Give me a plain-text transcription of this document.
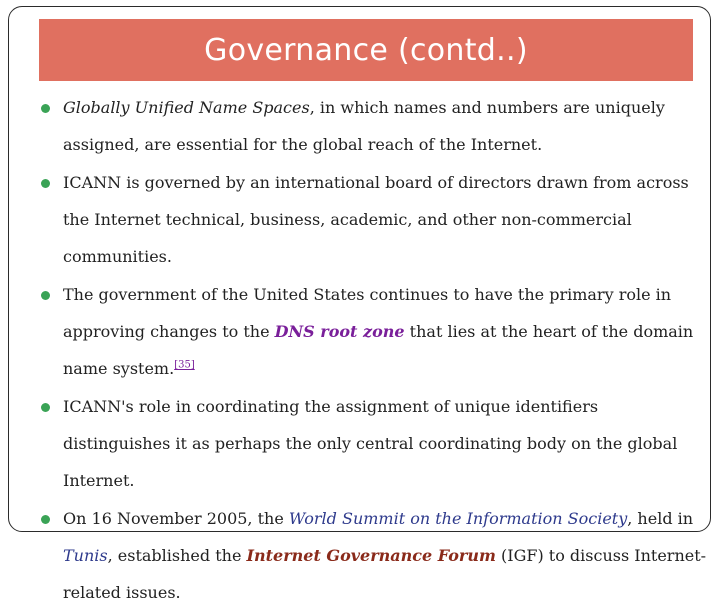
Governance (contd..)
Globally Unified Name Spaces, in which names and numbers are uniquely assigned, are essential for the global reach of the Internet.
ICANN is governed by an international board of directors drawn from across the Internet technical, business, academic, and other non-commercial communities.
The government of the United States continues to have the primary role in approving changes to the DNS root zone that lies at the heart of the domain name system.[35]
ICANN's role in coordinating the assignment of unique identifiers distinguishes it as perhaps the only central coordinating body on the global Internet.
On 16 November 2005, the World Summit on the Information Society, held in Tunis, established the Internet Governance Forum (IGF) to discuss Internet-related issues.
